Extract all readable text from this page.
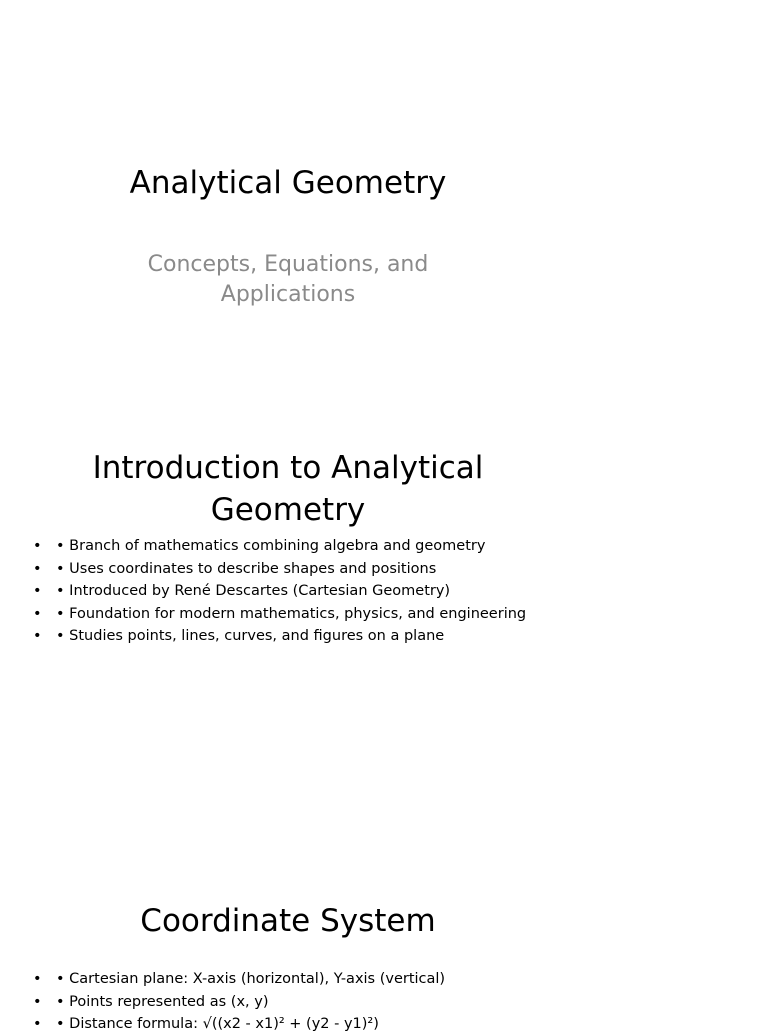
Analytical Geometry

Concepts, Equations, and Applications

Introduction to Analytical Geometry
• • Branch of mathematics combining algebra and geometry
• • Uses coordinates to describe shapes and positions
• • Introduced by René Descartes (Cartesian Geometry)
• • Foundation for modern mathematics, physics, and engineering
• • Studies points, lines, curves, and figures on a plane
Coordinate System
• • Cartesian plane: X-axis (horizontal), Y-axis (vertical)
• • Points represented as (x, y)
• • Distance formula: √((x2 - x1)² + (y2 - y1)²)
